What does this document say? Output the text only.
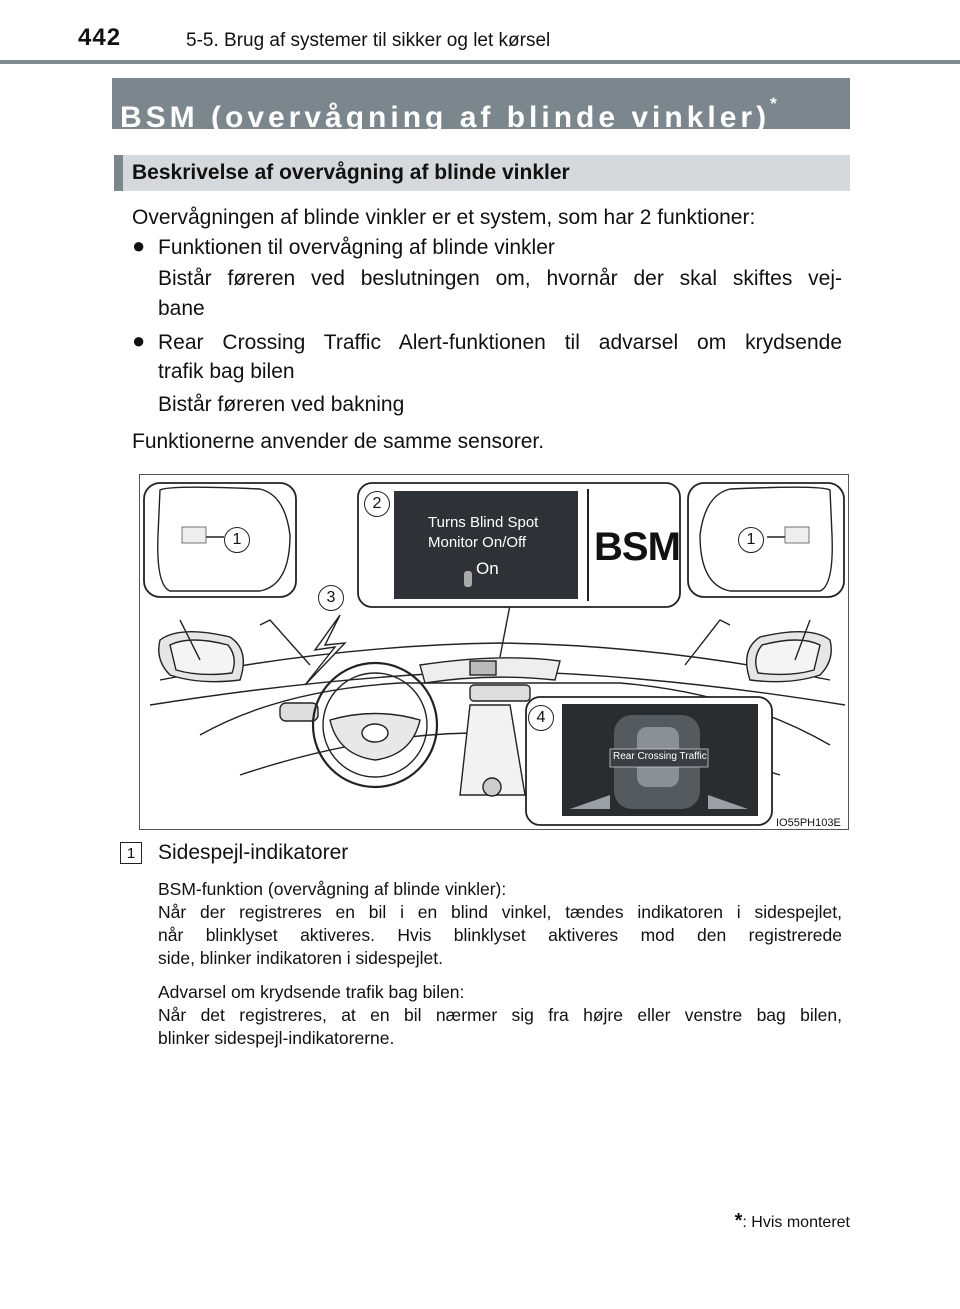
442	5-5. Brug af systemer til sikker og let kørsel
BSM (overvågning af blinde vinkler)*
Beskrivelse af overvågning af blinde vinkler
Overvågningen af blinde vinkler er et system, som har 2 funktioner:
● Funktionen til overvågning af blinde vinkler
Bistår føreren ved beslutningen om, hvornår der skal skiftes vej-
bane
● Rear Crossing Traffic Alert-funktionen til advarsel om krydsende
trafik bag bilen
Bistår føreren ved bakning
Funktionerne anvender de samme sensorer.
Turns Blind Spot
Monitor On/Off
On BSM
Rear Crossing Traffic
1
2
3
4
1
IO55PH103E
1	Sidespejl-indikatorer
BSM-funktion (overvågning af blinde vinkler):
Når der registreres en bil i en blind vinkel, tændes indikatoren i sidespejlet,
når blinklyset aktiveres. Hvis blinklyset aktiveres mod den registrerede
side, blinker indikatoren i sidespejlet.
Advarsel om krydsende trafik bag bilen:
Når det registreres, at en bil nærmer sig fra højre eller venstre bag bilen,
blinker sidespejl-indikatorerne.
*: Hvis monteret
